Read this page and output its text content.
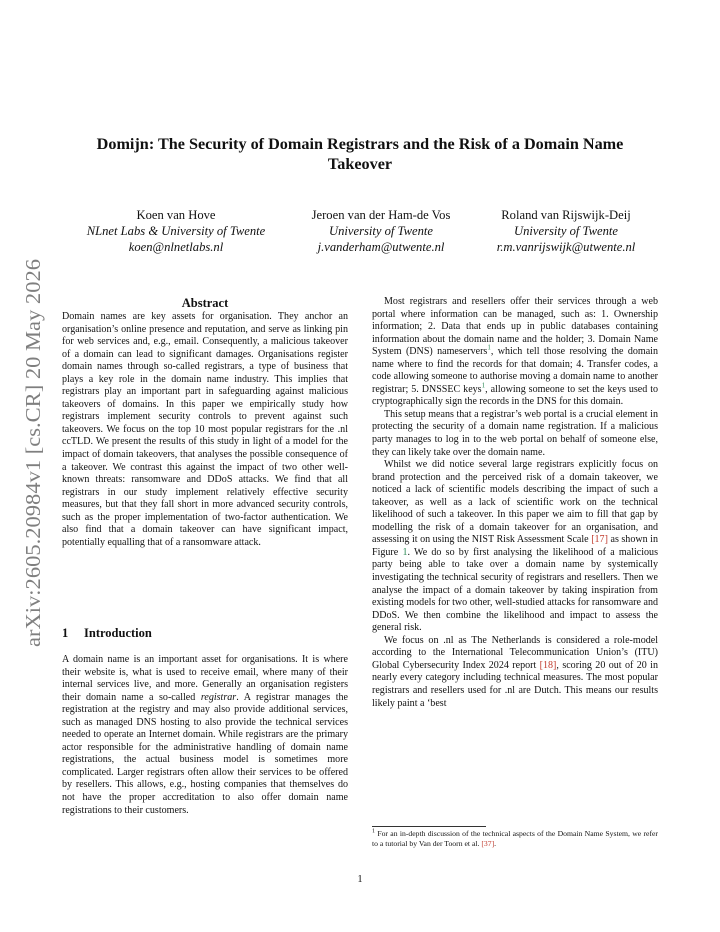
arXiv:2605.20984v1 [cs.CR] 20 May 2026
Domijn: The Security of Domain Registrars and the Risk of a Domain Name
Takeover
Koen van Hove
NLnet Labs & University of Twente
koen@nlnetlabs.nl
Jeroen van der Ham-de Vos
University of Twente
j.vanderham@utwente.nl
Roland van Rijswijk-Deij
University of Twente
r.m.vanrijswijk@utwente.nl
Abstract

Domain names are key assets for organisation. They anchor an organisation’s online presence and reputation, and serve as linking pin for web services and, e.g., email. Consequently, a malicious takeover of a domain can lead to significant damages. Organisations register domain names through so-called registrars, a type of business that plays a key role in the domain name industry. This implies that registrars play an important part in safeguarding against malicious takeovers of domains. In this paper we empirically study how registrars implement security controls to prevent against such takeovers. We focus on the top 10 most popular registrars for the .nl ccTLD. We present the results of this study in light of a model for the impact of domain takeovers, that analyses the possible consequence of a takeover. We contrast this against the impact of two other well-known threats: ransomware and DDoS attacks. We find that all registrars in our study implement relatively effective security measures, but that they fall short in more advanced security controls, such as the proper implementation of two-factor authentication. We also find that a domain takeover can have significant impact, potentially equalling that of a ransomware attack.

1 Introduction

A domain name is an important asset for organisations. It is where their website is, what is used to receive email, where many of their internal services live, and more. Generally an organisation registers their domain name a so-called registrar. A registrar manages the registration at the registry and may also provide additional services, such as managed DNS hosting to also provide the technical services needed to operate an Internet domain. While registrars are the primary actor responsible for the administrative handling of domain name registrations, the actual business model is sometimes more complicated. Larger registrars often allow their services to be offered by resellers. This allows, e.g., hosting companies that themselves do not have the proper accreditation to also offer domain name registrations to their customers.

Most registrars and resellers offer their services through a web portal where information can be managed, such as: 1. Ownership information; 2. Data that ends up in public databases containing information about the domain name and the holder; 3. Domain Name System (DNS) nameservers$^1$, which tell those resolving the domain name where to find the records for that domain; 4. Transfer codes, a code allowing someone to authorise moving a domain name to another registrar; 5. DNSSEC keys$^1$, allowing someone to set the keys used to cryptographically sign the records in the DNS for this domain.

This setup means that a registrar’s web portal is a crucial element in protecting the security of a domain name registration. If a malicious party manages to log in to the web portal on behalf of someone else, they can likely take over the domain name.

Whilst we did notice several large registrars explicitly focus on brand protection and the perceived risk of a domain takeover, we noticed a lack of scientific models describing the impact of such a takeover, as well as a lack of scientific work on the technical likelihood of such a takeover. In this paper we aim to fill that gap by modelling the risk of a domain takeover for an organisation, and assessing it on using the NIST Risk Assessment Scale [17] as shown in Figure 1. We do so by first analysing the likelihood of a malicious party being able to take over a domain name by systemically investigating the technical security of registrars and resellers. Then we analyse the impact of a domain takeover by taking inspiration from existing models for two other, well-studied attacks for ransomware and DDoS. We then combine the likelihood and impact to assess the general risk.

We focus on .nl as The Netherlands is considered a role-model according to the International Telecommunication Union’s (ITU) Global Cybersecurity Index 2024 report [18], scoring 20 out of 20 in nearly every category including technical measures. The most popular registrars and resellers used for .nl are Dutch. This means our results likely paint a ‘best

$^1$ For an in-depth discussion of the technical aspects of the Domain Name System, we refer to a tutorial by Van der Toorn et al. [37].
1
